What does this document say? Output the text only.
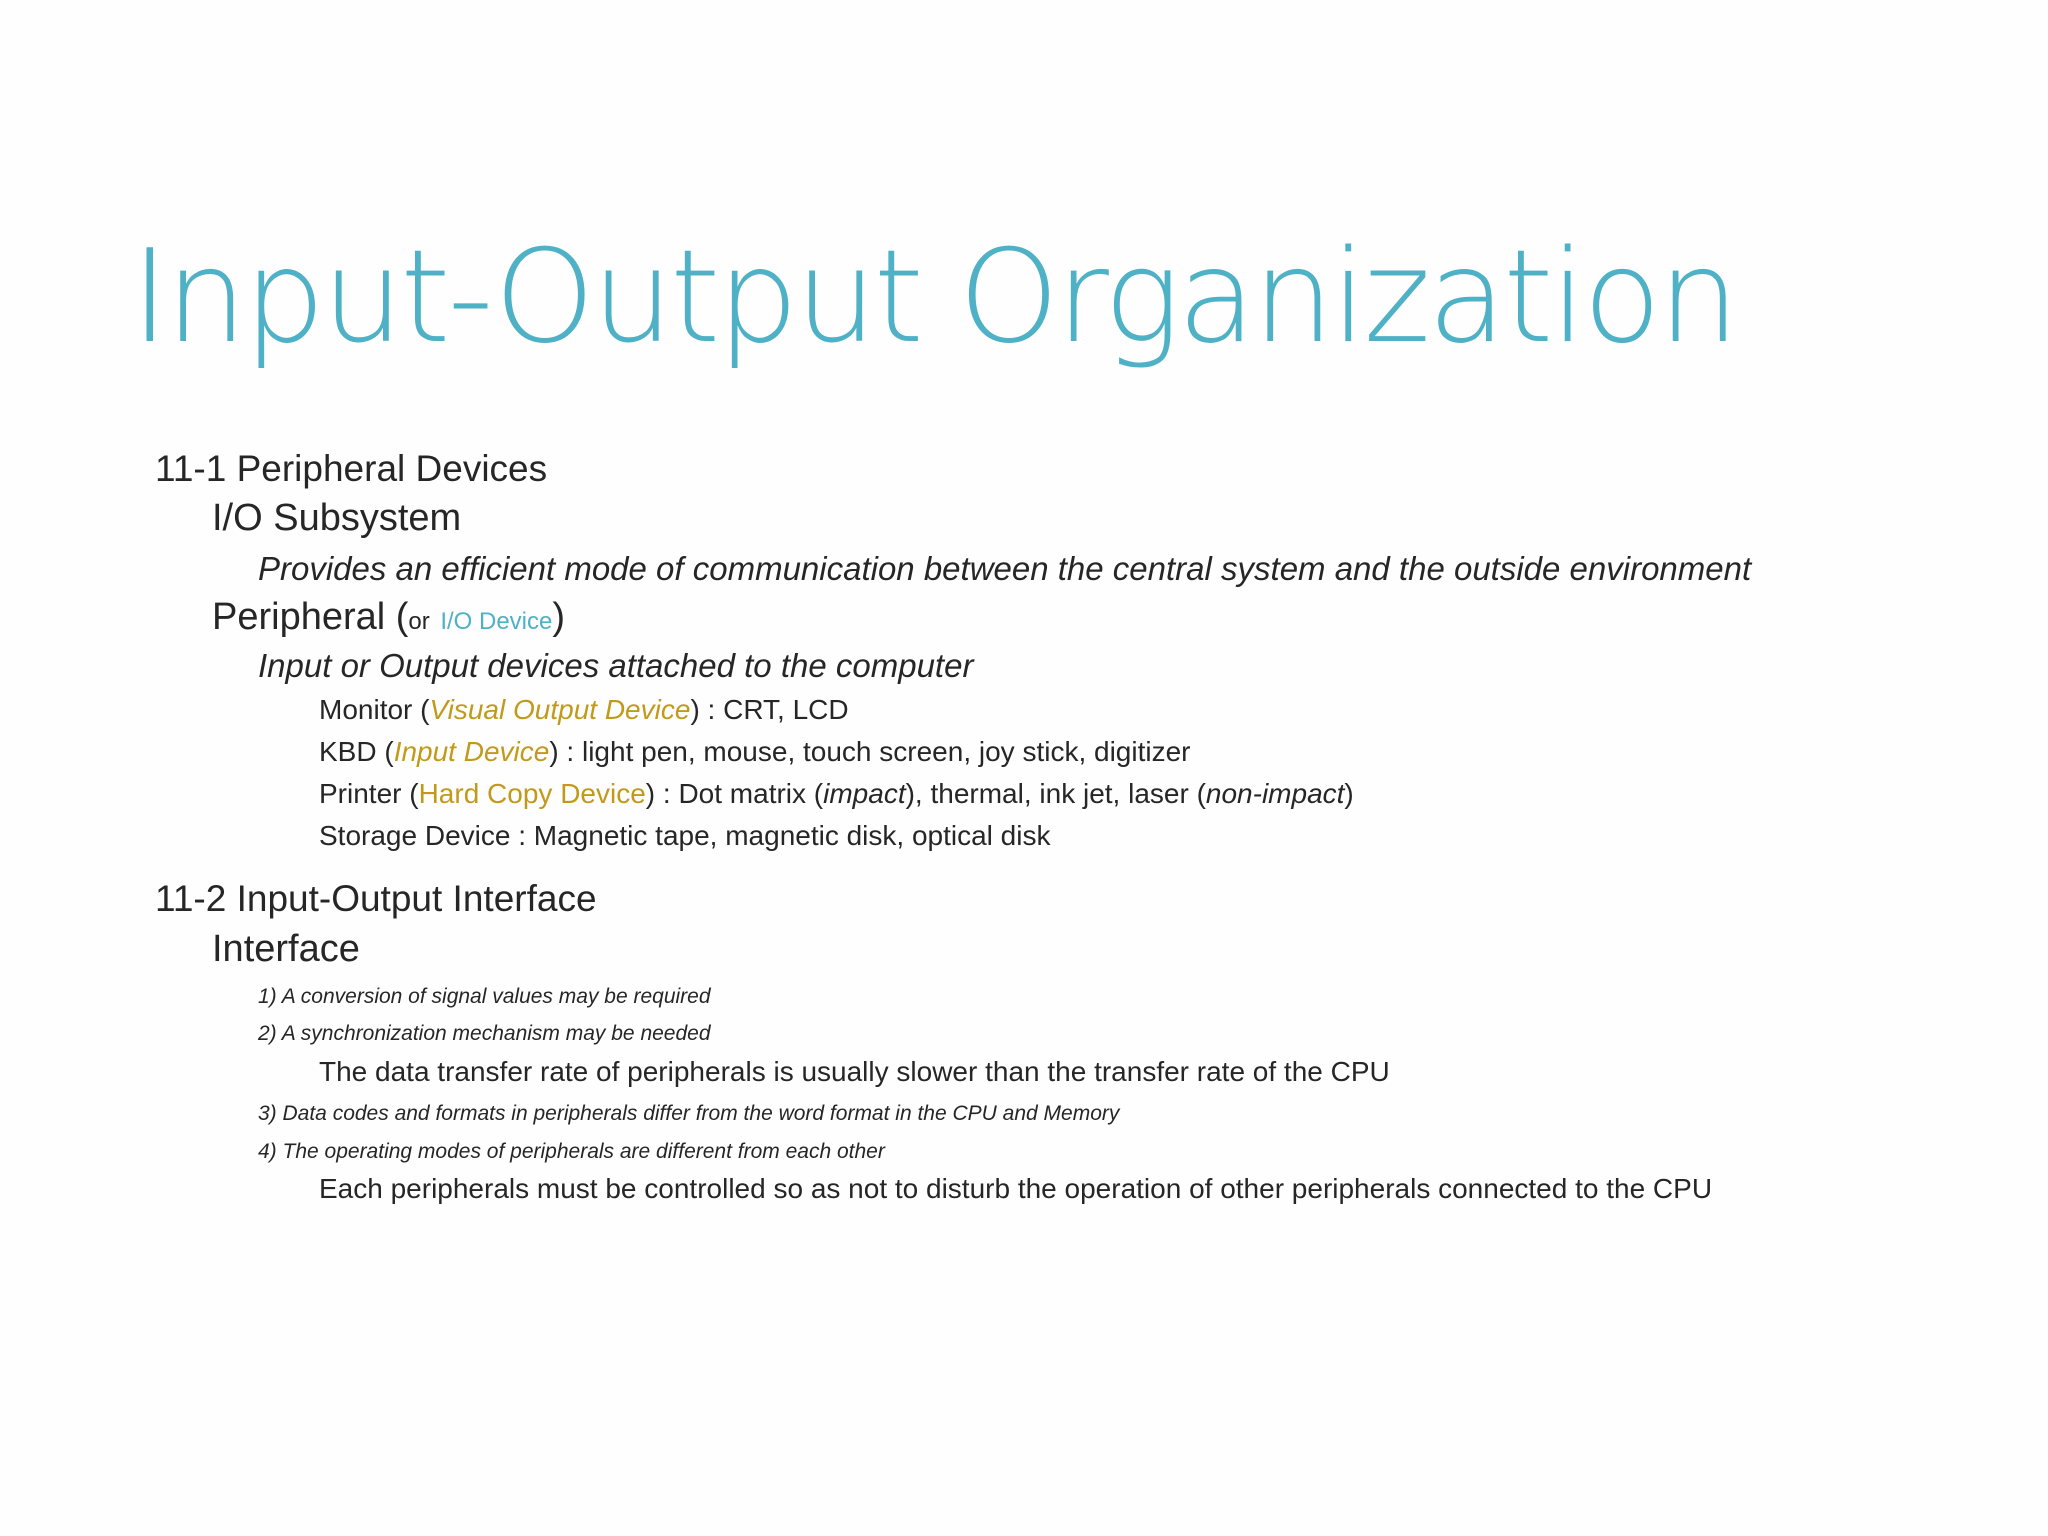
Input-Output Organization

11-1 Peripheral Devices

I/O Subsystem

Provides an efficient mode of communication between the central system and the outside environment

Peripheral (or I/O Device)

Input or Output devices attached to the computer

Monitor (Visual Output Device) : CRT, LCD

KBD (Input Device) : light pen, mouse, touch screen, joy stick, digitizer

Printer (Hard Copy Device) : Dot matrix (impact), thermal, ink jet, laser (non-impact)

Storage Device : Magnetic tape, magnetic disk, optical disk

11-2 Input-Output Interface

Interface

1) A conversion of signal values may be required

2) A synchronization mechanism may be needed

The data transfer rate of peripherals is usually slower than the transfer rate of the CPU

3) Data codes and formats in peripherals differ from the word format in the CPU and Memory

4) The operating modes of peripherals are different from each other

Each peripherals must be controlled so as not to disturb the operation of other peripherals connected to the CPU
